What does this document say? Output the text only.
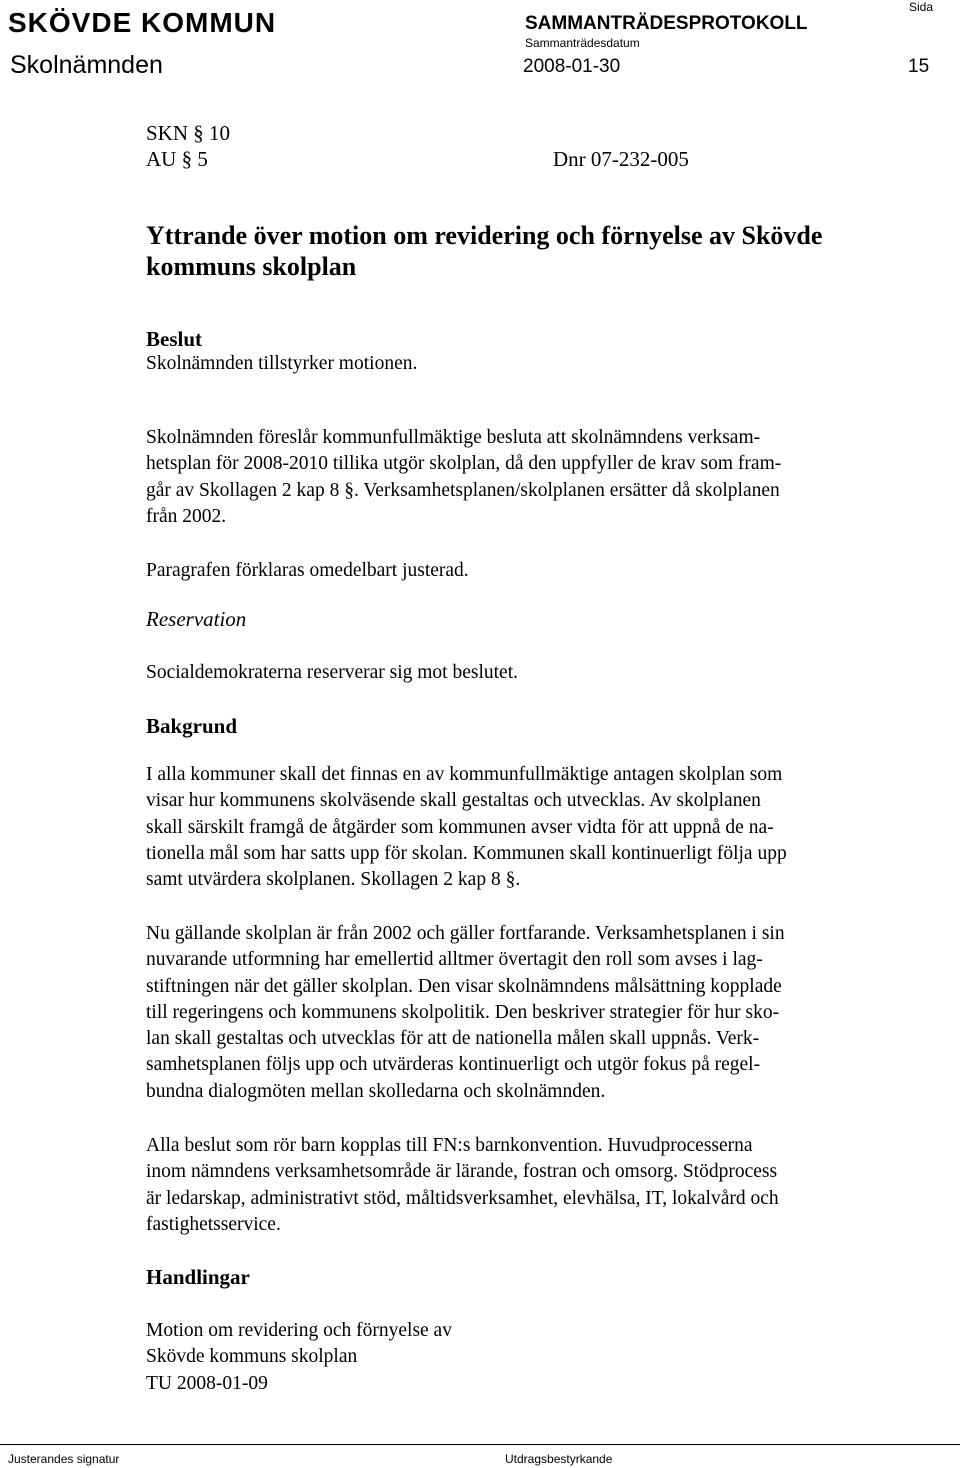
SKÖVDE KOMMUN	SAMMANTRÄDESPROTOKOLL
Sida
Sammanträdesdatum
Skolnämnden	2008-01-30	15
SKN § 10
AU § 5	Dnr 07-232-005
Yttrande över motion om revidering och förnyelse av Skövde kommuns skolplan
Beslut
Skolnämnden tillstyrker motionen.
Skolnämnden föreslår kommunfullmäktige besluta att skolnämndens verksam-
hetsplan för 2008-2010 tillika utgör skolplan, då den uppfyller de krav som fram-
går av Skollagen 2 kap 8 §. Verksamhetsplanen/skolplanen ersätter då skolplanen
från 2002.
Paragrafen förklaras omedelbart justerad.
Reservation
Socialdemokraterna reserverar sig mot beslutet.
Bakgrund
I alla kommuner skall det finnas en av kommunfullmäktige antagen skolplan som
visar hur kommunens skolväsende skall gestaltas och utvecklas. Av skolplanen
skall särskilt framgå de åtgärder som kommunen avser vidta för att uppnå de na-
tionella mål som har satts upp för skolan. Kommunen skall kontinuerligt följa upp
samt utvärdera skolplanen. Skollagen 2 kap 8 §.
Nu gällande skolplan är från 2002 och gäller fortfarande. Verksamhetsplanen i sin
nuvarande utformning har emellertid alltmer övertagit den roll som avses i lag-
stiftningen när det gäller skolplan. Den visar skolnämndens målsättning kopplade
till regeringens och kommunens skolpolitik. Den beskriver strategier för hur sko-
lan skall gestaltas och utvecklas för att de nationella målen skall uppnås. Verk-
samhetsplanen följs upp och utvärderas kontinuerligt och utgör fokus på regel-
bundna dialogmöten mellan skolledarna och skolnämnden.
Alla beslut som rör barn kopplas till FN:s barnkonvention. Huvudprocesserna
inom nämndens verksamhetsområde är lärande, fostran och omsorg. Stödprocess
är ledarskap, administrativt stöd, måltidsverksamhet, elevhälsa, IT, lokalvård och
fastighetsservice.
Handlingar
Motion om revidering och förnyelse av
Skövde kommuns skolplan
TU 2008-01-09
Justerandes signatur	Utdragsbestyrkande
